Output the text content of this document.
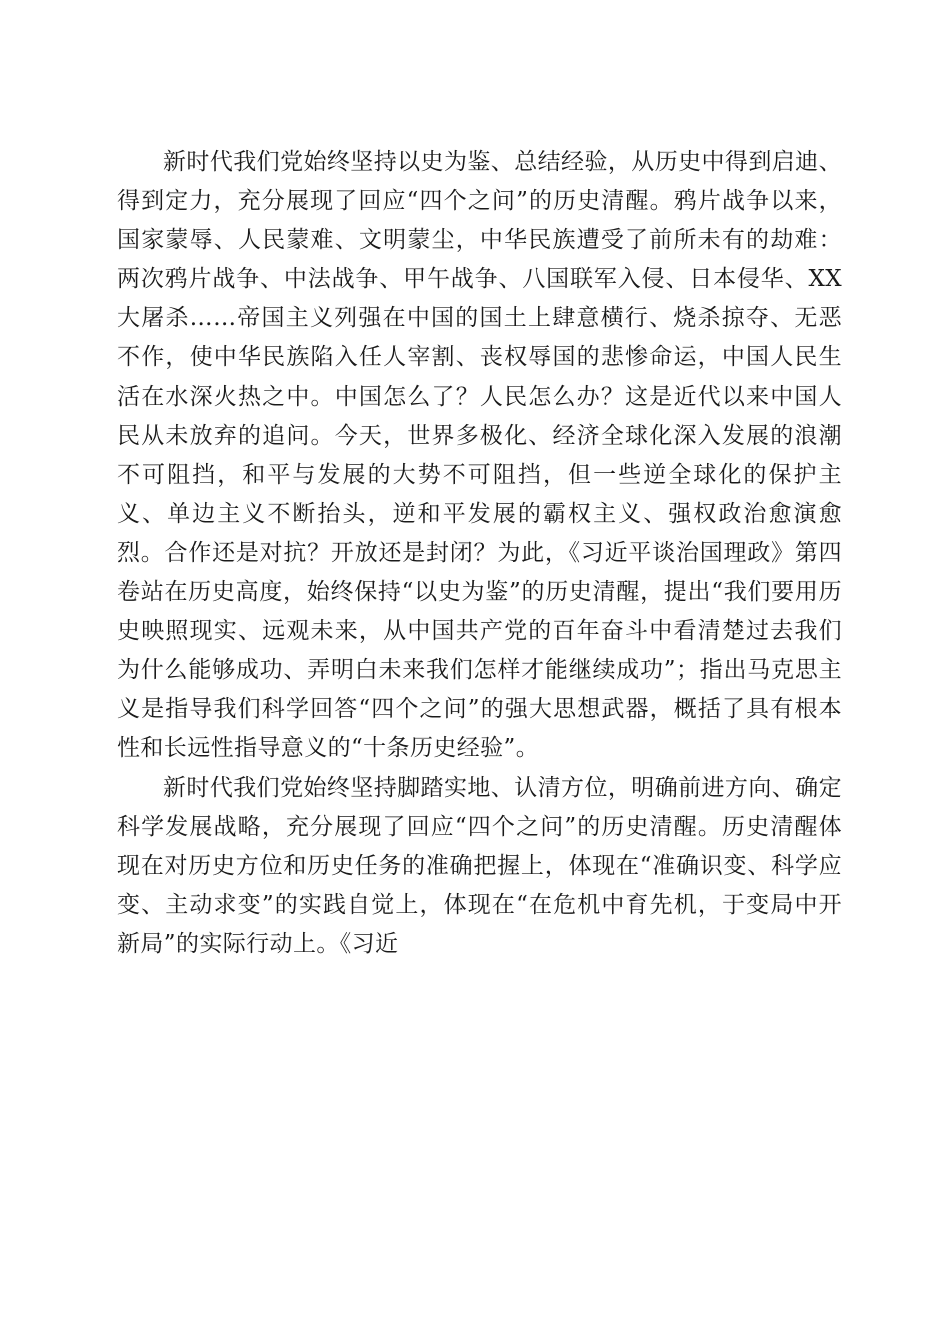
新时代我们党始终坚持以史为鉴、总结经验，从历史中得到启迪、得到定力，充分展现了回应“四个之问”的历史清醒。鸦片战争以来，国家蒙辱、人民蒙难、文明蒙尘，中华民族遭受了前所未有的劫难：两次鸦片战争、中法战争、甲午战争、八国联军入侵、日本侵华、XX大屠杀……帝国主义列强在中国的国土上肆意横行、烧杀掠夺、无恶不作，使中华民族陷入任人宰割、丧权辱国的悲惨命运，中国人民生活在水深火热之中。中国怎么了？人民怎么办？这是近代以来中国人民从未放弃的追问。今天，世界多极化、经济全球化深入发展的浪潮不可阻挡，和平与发展的大势不可阻挡，但一些逆全球化的保护主义、单边主义不断抬头，逆和平发展的霸权主义、强权政治愈演愈烈。合作还是对抗？开放还是封闭？为此，《习近平谈治国理政》第四卷站在历史高度，始终保持“以史为鉴”的历史清醒，提出“我们要用历史映照现实、远观未来，从中国共产党的百年奋斗中看清楚过去我们为什么能够成功、弄明白未来我们怎样才能继续成功”；指出马克思主义是指导我们科学回答“四个之问”的强大思想武器，概括了具有根本性和长远性指导意义的“十条历史经验”。

新时代我们党始终坚持脚踏实地、认清方位，明确前进方向、确定科学发展战略，充分展现了回应“四个之问”的历史清醒。历史清醒体现在对历史方位和历史任务的准确把握上，体现在“准确识变、科学应变、主动求变”的实践自觉上，体现在“在危机中育先机，于变局中开新局”的实际行动上。《习近
